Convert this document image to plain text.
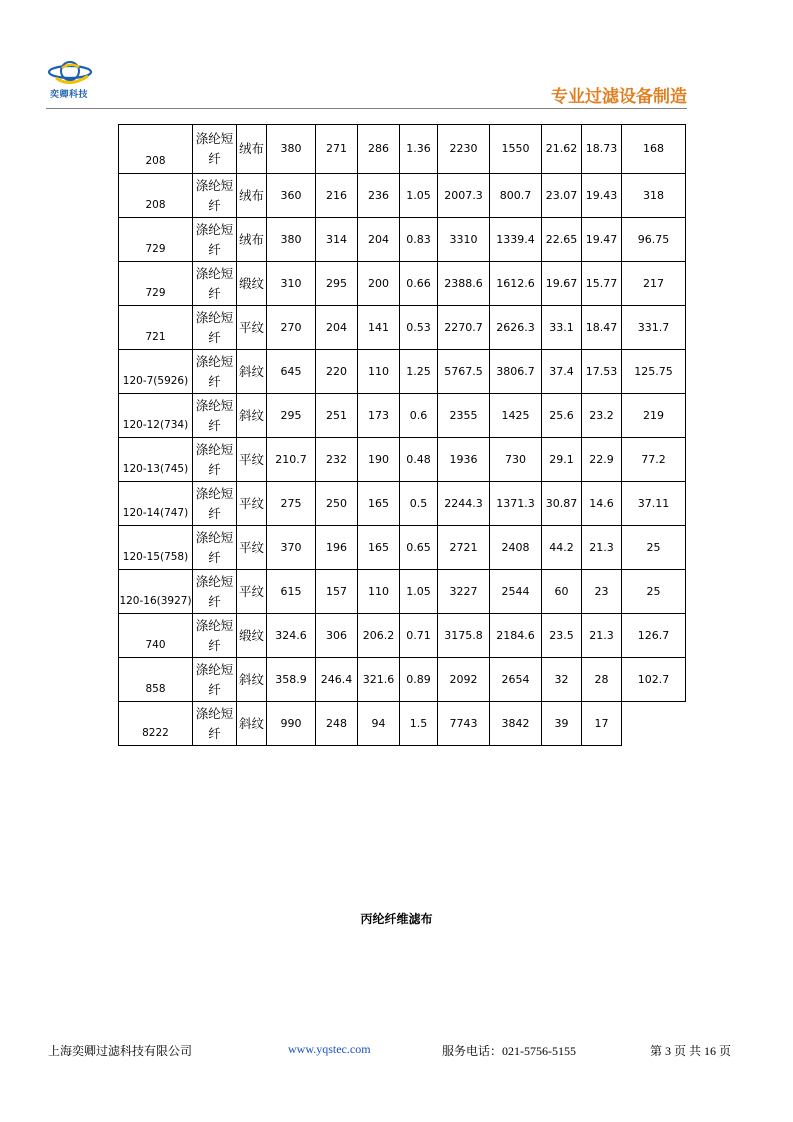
奕卿科技	专业过滤设备制造
208	涤纶短纤	绒布	380	271	286	1.36	2230	1550	21.62	18.73	168
208	涤纶短纤	绒布	360	216	236	1.05	2007.3	800.7	23.07	19.43	318
729	涤纶短纤	绒布	380	314	204	0.83	3310	1339.4	22.65	19.47	96.75
729	涤纶短纤	缎纹	310	295	200	0.66	2388.6	1612.6	19.67	15.77	217
721	涤纶短纤	平纹	270	204	141	0.53	2270.7	2626.3	33.1	18.47	331.7
120-7(5926)	涤纶短纤	斜纹	645	220	110	1.25	5767.5	3806.7	37.4	17.53	125.75
120-12(734)	涤纶短纤	斜纹	295	251	173	0.6	2355	1425	25.6	23.2	219
120-13(745)	涤纶短纤	平纹	210.7	232	190	0.48	1936	730	29.1	22.9	77.2
120-14(747)	涤纶短纤	平纹	275	250	165	0.5	2244.3	1371.3	30.87	14.6	37.11
120-15(758)	涤纶短纤	平纹	370	196	165	0.65	2721	2408	44.2	21.3	25
120-16(3927)	涤纶短纤	平纹	615	157	110	1.05	3227	2544	60	23	25
740	涤纶短纤	缎纹	324.6	306	206.2	0.71	3175.8	2184.6	23.5	21.3	126.7
858	涤纶短纤	斜纹	358.9	246.4	321.6	0.89	2092	2654	32	28	102.7
8222	涤纶短纤	斜纹	990	248	94	1.5	7743	3842	39	17	
丙纶纤维滤布
上海奕卿过滤科技有限公司	www.yqstec.com	服务电话：021-5756-5155	第 3 页 共 16 页
